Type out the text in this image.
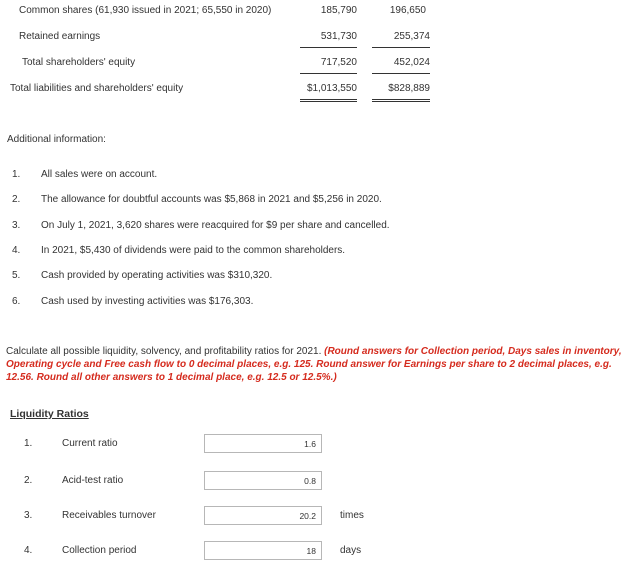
Common shares (61,930 issued in 2021; 65,550 in 2020)	185,790	196,650
Retained earnings	531,730	255,374
Total shareholders' equity	717,520	452,024
Total liabilities and shareholders' equity	$1,013,550	$828,889
Additional information:
1. All sales were on account.
2. The allowance for doubtful accounts was $5,868 in 2021 and $5,256 in 2020.
3. On July 1, 2021, 3,620 shares were reacquired for $9 per share and cancelled.
4. In 2021, $5,430 of dividends were paid to the common shareholders.
5. Cash provided by operating activities was $310,320.
6. Cash used by investing activities was $176,303.
Calculate all possible liquidity, solvency, and profitability ratios for 2021. (Round answers for Collection period, Days sales in inventory, Operating cycle and Free cash flow to 0 decimal places, e.g. 125. Round answer for Earnings per share to 2 decimal places, e.g. 12.56. Round all other answers to 1 decimal place, e.g. 12.5 or 12.5%.)
Liquidity Ratios
1.	Current ratio	1.6
2.	Acid-test ratio	0.8
3.	Receivables turnover	20.2	times
4.	Collection period	18	days
